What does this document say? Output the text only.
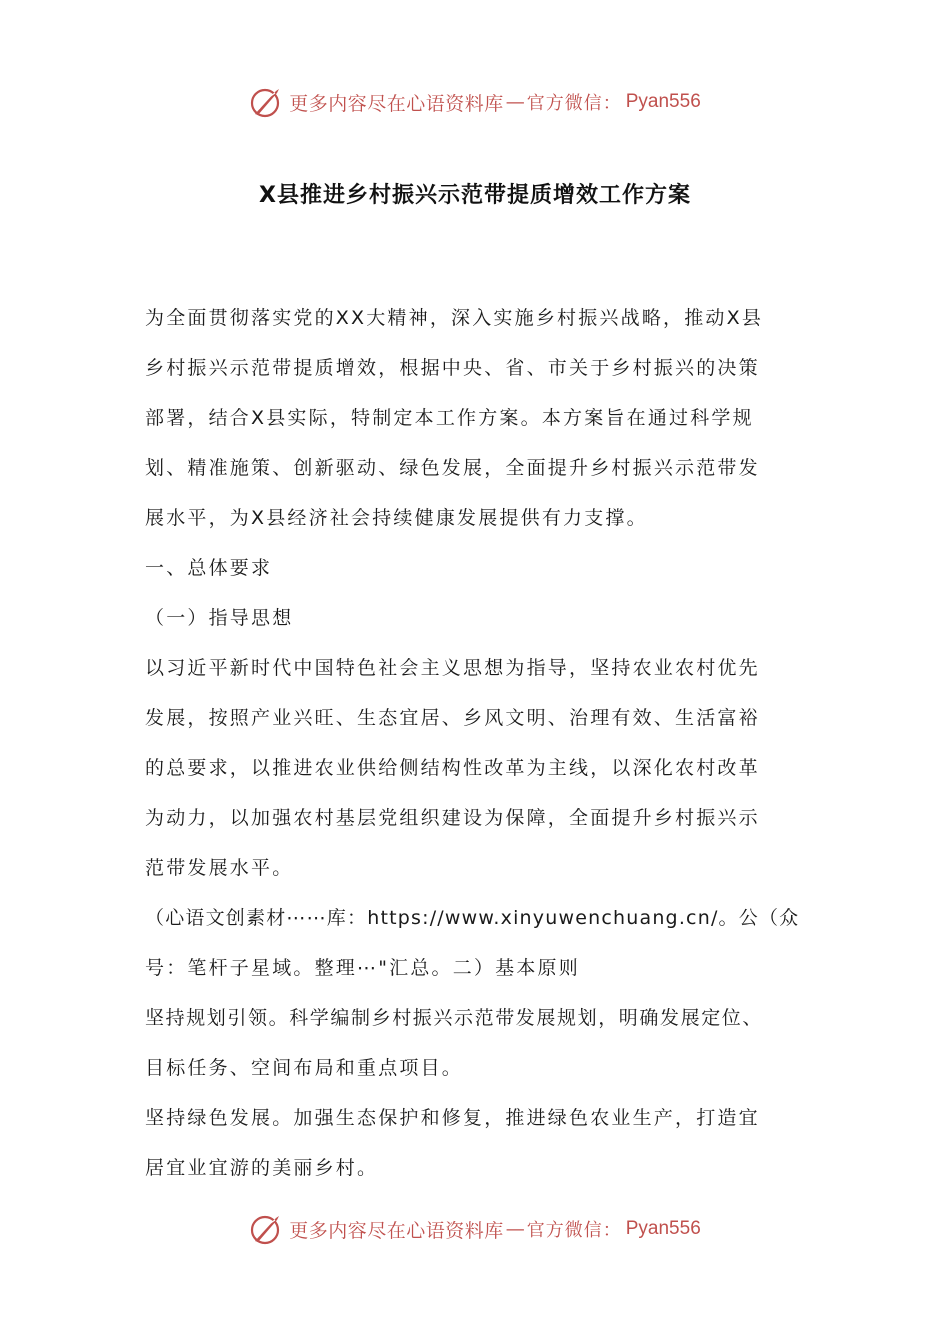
更多内容尽在心语资料库 — 官方微信： Pyan556
X县推进乡村振兴示范带提质增效工作方案
为全面贯彻落实党的XX大精神，深入实施乡村振兴战略，推动X县
乡村振兴示范带提质增效，根据中央、省、市关于乡村振兴的决策
部署，结合X县实际，特制定本工作方案。本方案旨在通过科学规
划、精准施策、创新驱动、绿色发展，全面提升乡村振兴示范带发
展水平，为X县经济社会持续健康发展提供有力支撑。
一、总体要求
（一）指导思想
以习近平新时代中国特色社会主义思想为指导，坚持农业农村优先
发展，按照产业兴旺、生态宜居、乡风文明、治理有效、生活富裕
的总要求，以推进农业供给侧结构性改革为主线，以深化农村改革
为动力，以加强农村基层党组织建设为保障，全面提升乡村振兴示
范带发展水平。
（心语文创素材⋯⋯库：https://www.xinyuwenchuang.cn/。公（众
号：笔杆子星域。整理⋯"汇总。二）基本原则
坚持规划引领。科学编制乡村振兴示范带发展规划，明确发展定位、
目标任务、空间布局和重点项目。
坚持绿色发展。加强生态保护和修复，推进绿色农业生产，打造宜
居宜业宜游的美丽乡村。
更多内容尽在心语资料库 — 官方微信： Pyan556
